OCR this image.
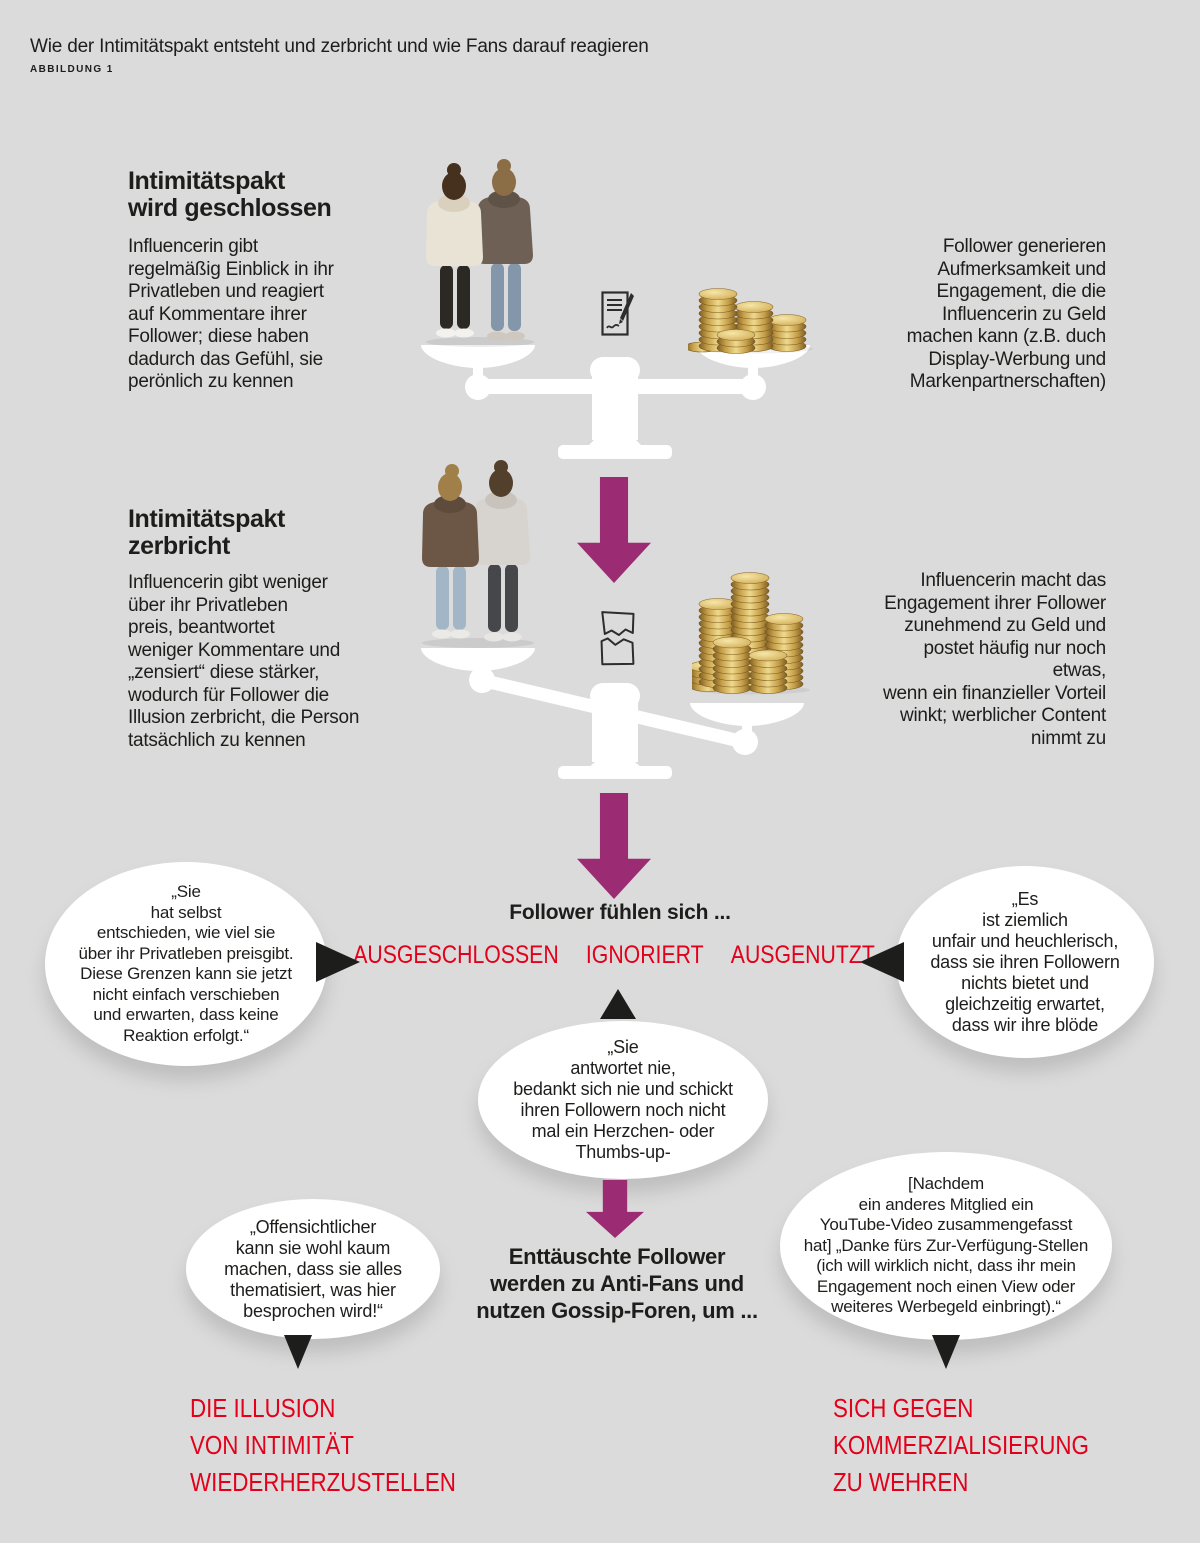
Wie der Intimitätspakt entsteht und zerbricht und wie Fans darauf reagieren
ABBILDUNG 1
Intimitätspakt
wird geschlossen
Influencerin gibt
regelmäßig Einblick in ihr
Privatleben und reagiert
auf Kommentare ihrer
Follower; diese haben
dadurch das Gefühl, sie
perönlich zu kennen
Follower generieren
Aufmerksamkeit und
Engagement, die die
Influencerin zu Geld
machen kann (z.B. duch
Display-Werbung und
Markenpartnerschaften)
Intimitätspakt
zerbricht
Influencerin gibt weniger
über ihr Privatleben
preis, beantwortet
weniger Kommentare und
„zensiert“ diese stärker,
wodurch für Follower die
Illusion zerbricht, die Person
tatsächlich zu kennen
Influencerin macht das
Engagement ihrer Follower
zunehmend zu Geld und
postet häufig nur noch etwas,
wenn ein finanzieller Vorteil
winkt; werblicher Content
nimmt zu
Follower fühlen sich ...
AUSGESCHLOSSEN IGNORIERT AUSGENUTZT

„Sie
hat selbst
entschieden, wie viel sie
über ihr Privatleben preisgibt.
Diese Grenzen kann sie jetzt
nicht einfach verschieben
und erwarten, dass keine
Reaktion erfolgt.“

„Es
ist ziemlich
unfair und heuchlerisch,
dass sie ihren Followern
nichts bietet und
gleichzeitig erwartet,
dass wir ihre blöde

„Sie
antwortet nie,
bedankt sich nie und schickt
ihren Followern noch nicht
mal ein Herzchen- oder
Thumbs-up-

„Offensichtlicher
kann sie wohl kaum
machen, dass sie alles
thematisiert, was hier
besprochen wird!“

[Nachdem
ein anderes Mitglied ein
YouTube-Video zusammengefasst
hat] „Danke fürs Zur-Verfügung-Stellen
(ich will wirklich nicht, dass ihr mein
Engagement noch einen View oder
weiteres Werbegeld einbringt).“

Enttäuschte Follower
werden zu Anti-Fans und
nutzen Gossip-Foren, um ...
DIE ILLUSION
VON INTIMITÄT
WIEDERHERZUSTELLEN
SICH GEGEN
KOMMERZIALISIERUNG
ZU WEHREN
